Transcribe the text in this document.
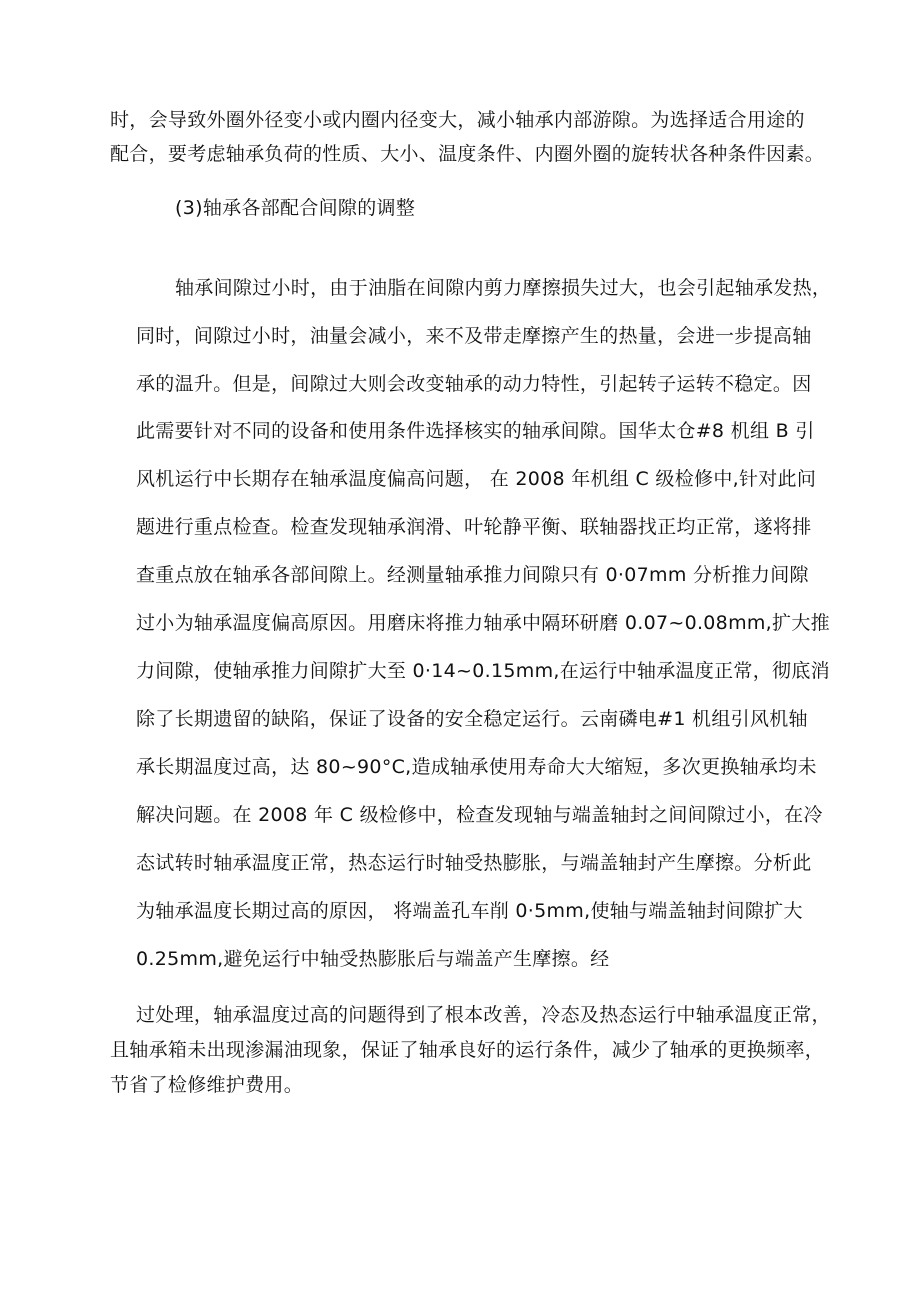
时，会导致外圈外径变小或内圈内径变大，减小轴承内部游隙。为选择适合用途的
配合，要考虑轴承负荷的性质、大小、温度条件、内圈外圈的旋转状各种条件因素。
(3)轴承各部配合间隙的调整
轴承间隙过小时，由于油脂在间隙内剪力摩擦损失过大，也会引起轴承发热，
同时，间隙过小时，油量会减小，来不及带走摩擦产生的热量，会进一步提高轴
承的温升。但是，间隙过大则会改变轴承的动力特性，引起转子运转不稳定。因
此需要针对不同的设备和使用条件选择核实的轴承间隙。国华太仓#8 机组 B 引
风机运行中长期存在轴承温度偏高问题， 在 2008 年机组 C 级检修中,针对此问
题进行重点检查。检查发现轴承润滑、叶轮静平衡、联轴器找正均正常，遂将排
查重点放在轴承各部间隙上。经测量轴承推力间隙只有 0·07mm 分析推力间隙
过小为轴承温度偏高原因。用磨床将推力轴承中隔环研磨 0.07~0.08mm,扩大推
力间隙，使轴承推力间隙扩大至 0·14~0.15mm,在运行中轴承温度正常，彻底消
除了长期遗留的缺陷，保证了设备的安全稳定运行。云南磷电#1 机组引风机轴
承长期温度过高，达 80~90°C,造成轴承使用寿命大大缩短，多次更换轴承均未
解决问题。在 2008 年 C 级检修中，检查发现轴与端盖轴封之间间隙过小，在冷
态试转时轴承温度正常，热态运行时轴受热膨胀，与端盖轴封产生摩擦。分析此
为轴承温度长期过高的原因， 将端盖孔车削 0·5mm,使轴与端盖轴封间隙扩大
0.25mm,避免运行中轴受热膨胀后与端盖产生摩擦。经
过处理，轴承温度过高的问题得到了根本改善，冷态及热态运行中轴承温度正常，
且轴承箱未出现渗漏油现象，保证了轴承良好的运行条件，减少了轴承的更换频率，
节省了检修维护费用。
